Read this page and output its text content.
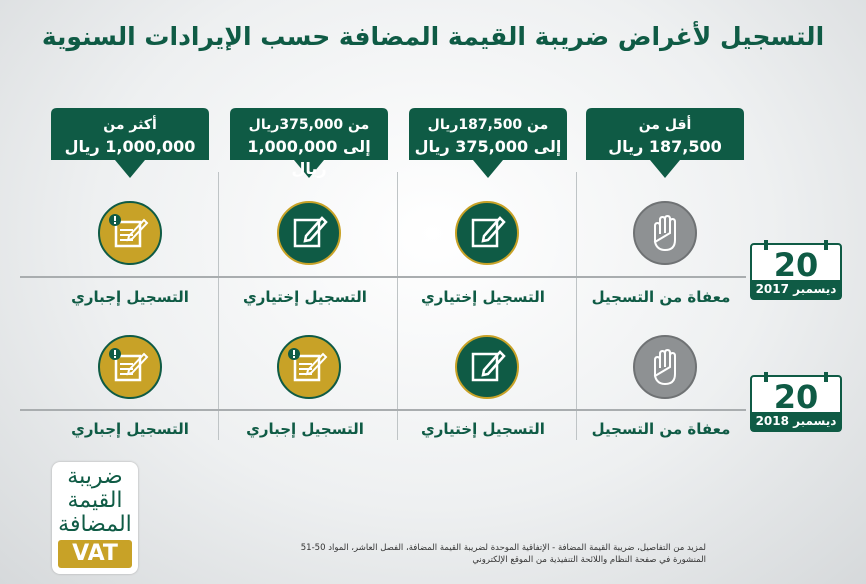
التسجيل لأغراض ضريبة القيمة المضافة حسب الإيرادات السنوية
أقل من
187,500 ريال
من 187,500ريال
إلى 375,000 ريال
من 375,000ريال
إلى 1,000,000 ريال
أكثر من
1,000,000 ريال
معفاة من التسجيل
التسجيل إختياري
التسجيل إختياري
التسجيل إجباري
20
ديسمبر 2017
معفاة من التسجيل
التسجيل إختياري
التسجيل إجباري
التسجيل إجباري
20
ديسمبر 2018
ضريبة
القيمة
المضافة
VAT	لمزيد من التفاصيل، ضريبة القيمة المضافة - الإتفاقية الموحدة لضريبة القيمة المضافة، الفصل العاشر، المواد 50-51
المنشورة في صفحة النظام واللائحة التنفيذية من الموقع الإلكتروني
